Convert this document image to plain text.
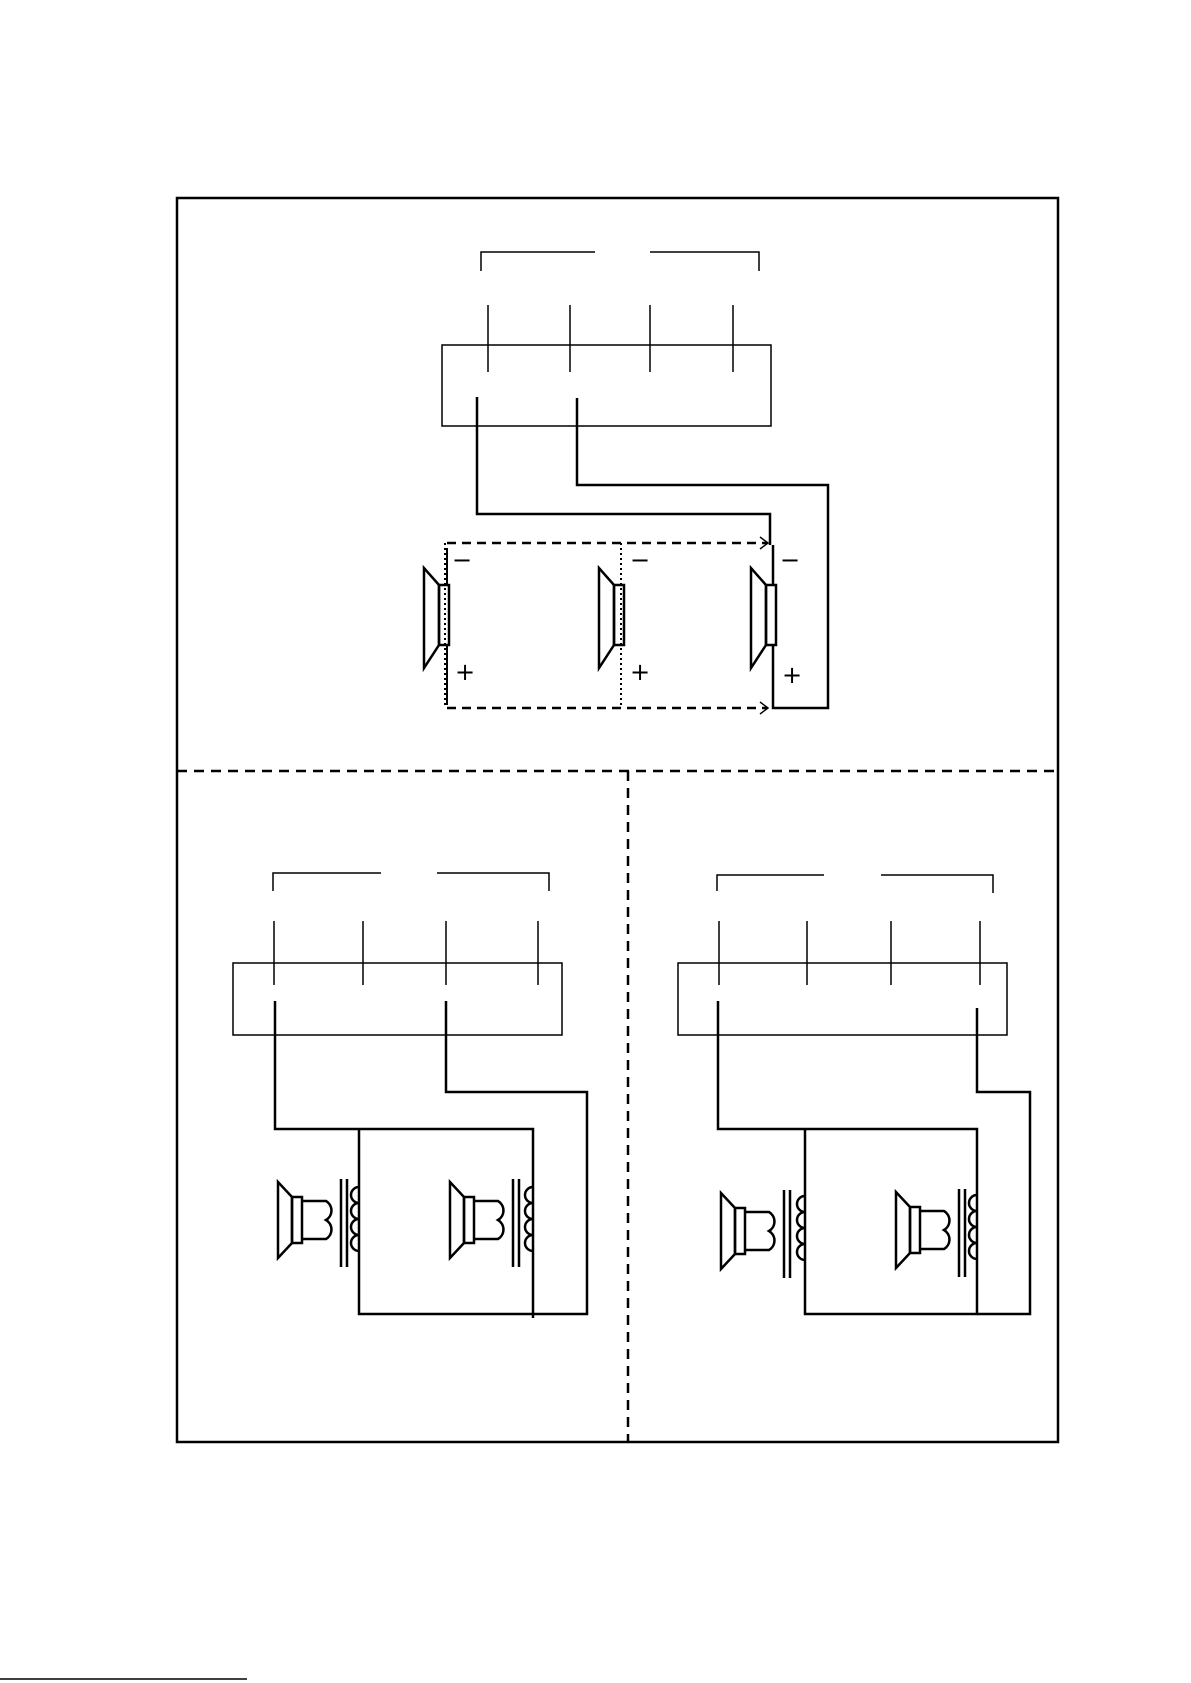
−
+
−
+
−
+
